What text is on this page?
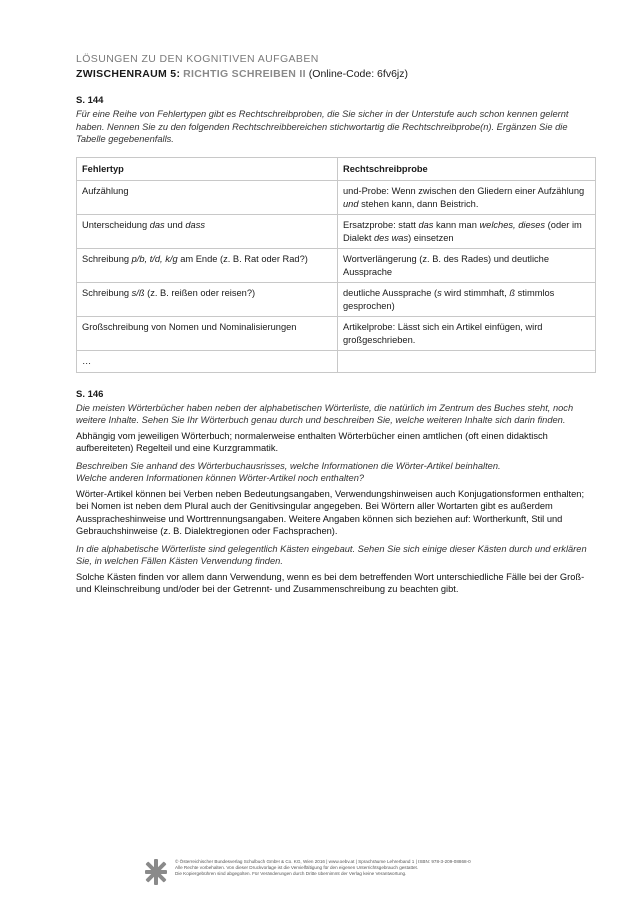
LÖSUNGEN ZU DEN KOGNITIVEN AUFGABEN

ZWISCHENRAUM 5: RICHTIG SCHREIBEN II (Online-Code: 6fv6jz)

S. 144

Für eine Reihe von Fehlertypen gibt es Rechtschreibproben, die Sie sicher in der Unterstufe auch schon kennen gelernt haben. Nennen Sie zu den folgenden Rechtschreibbereichen stichwortartig die Rechtschreibprobe(n). Ergänzen Sie die Tabelle gegebenenfalls.

Fehlertyp	Rechtschreibprobe
Aufzählung	und-Probe: Wenn zwischen den Gliedern einer Aufzählung und stehen kann, dann Beistrich.
Unterscheidung das und dass	Ersatzprobe: statt das kann man welches, dieses (oder im Dialekt des was) einsetzen
Schreibung p/b, t/d, k/g am Ende (z. B. Rat oder Rad?)	Wortverlängerung (z. B. des Rades) und deutliche Aussprache
Schreibung s/ß (z. B. reißen oder reisen?)	deutliche Aussprache (s wird stimmhaft, ß stimmlos gesprochen)
Großschreibung von Nomen und Nominalisierungen	Artikelprobe: Lässt sich ein Artikel einfügen, wird großgeschrieben.
…	
S. 146

Die meisten Wörterbücher haben neben der alphabetischen Wörterliste, die natürlich im Zentrum des Buches steht, noch weitere Inhalte. Sehen Sie Ihr Wörterbuch genau durch und beschreiben Sie, welche weiteren Inhalte sich darin finden.

Abhängig vom jeweiligen Wörterbuch; normalerweise enthalten Wörterbücher einen amtlichen (oft einen didaktisch aufbereiteten) Regelteil und eine Kurzgrammatik.

Beschreiben Sie anhand des Wörterbuchausrisses, welche Informationen die Wörter-Artikel beinhalten.

Welche anderen Informationen können Wörter-Artikel noch enthalten?

Wörter-Artikel können bei Verben neben Bedeutungsangaben, Verwendungshinweisen auch Konjugationsformen enthalten; bei Nomen ist neben dem Plural auch der Genitivsingular angegeben. Bei Wörtern aller Wortarten gibt es außerdem Ausspracheshinweise und Worttrennungsangaben. Weitere Angaben können sich beziehen auf: Wortherkunft, Stil und Gebrauchshinweise (z. B. Dialektregionen oder Fachsprachen).

In die alphabetische Wörterliste sind gelegentlich Kästen eingebaut. Sehen Sie sich einige dieser Kästen durch und erklären Sie, in welchen Fällen Kästen Verwendung finden.

Solche Kästen finden vor allem dann Verwendung, wenn es bei dem betreffenden Wort unterschiedliche Fälle bei der Groß- und Kleinschreibung und/oder bei der Getrennt- und Zusammenschreibung zu beachten gibt.

© Österreichischer Bundesverlag Schulbuch GmbH & Co. KG, Wien 2016 | www.oebv.at | Sprachräume Lehrerband 1 | ISBN: 978-3-209-08868-0
Alle Rechte vorbehalten. Von dieser Druckvorlage ist die Vervielfältigung für den eigenen Unterrichtsgebrauch gestattet.
Die Kopiergebühren sind abgegolten. Für Veränderungen durch Dritte übernimmt der Verlag keine Verantwortung.
